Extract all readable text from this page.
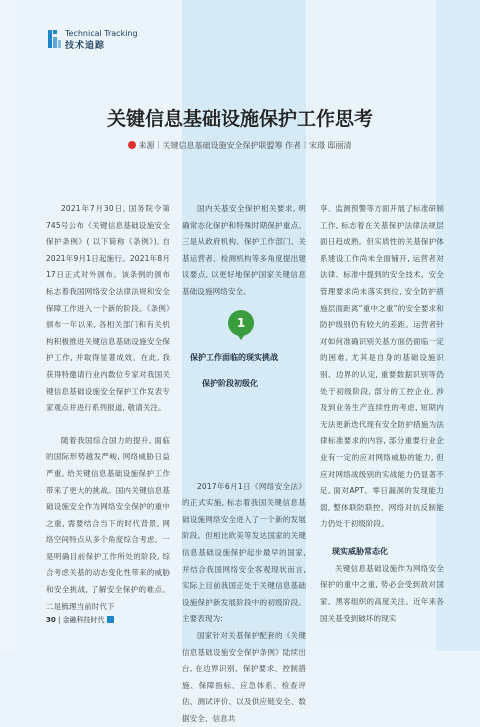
Technical Tracking
技术追踪
关键信息基础设施保护工作思考
来源｜关键信息基础设施安全保护联盟筹 作者｜宋璟 邸丽清

2021年7月30日, 国务院令第745号公布《关键信息基础设施安全保护条例》( 以下简称《条例》), 自2021年9月1日起施行。2021年8月17日正式对外颁布。该条例的颁布标志着我国网络安全法律法规和安全保障工作进入一个新的阶段。《条例》颁布一年以来, 各相关部门和有关机构积极推进关键信息基础设施安全保护工作, 并取得显著成效。在此, 我获得特邀请行业内数位专家对我国关键信息基础设施安全保护工作发表专家观点并进行系列报道, 敬请关注。

随着我国综合国力的提升, 面临的国际形势越发严峻, 网络威胁日益严重, 给关键信息基础设施保护工作带来了更大的挑战。国内关键信息基础设施安全作为网络安全保护的重中之重, 需要结合当下的时代背景, 网络空间特点从多个角度综合考虑。一是明确目前保护工作所处的阶段, 综合考虑关基的动态变化性带来的威胁和安全挑战, 了解安全保护的难点。二是梳理当前时代下

国内关基安全保护相关要求, 明确常态化保护和特殊时期保护重点。三是从政府机构、保护工作部门、关基运营者、检测机构等多角度提出建议要点, 以更好地保护国家关键信息基础设施网络安全。

2017年6月1日《网络安全法》的正式实施, 标志着我国关键信息基础设施网络安全进入了一个新的发展阶段。但相比欧美等发达国家的关键信息基础设施保护起步最早的国家, 并结合我国网络安全客观现状而言, 实际上目前我国正处于关键信息基础设施保护新发展阶段中的初级阶段。主要表现为:

国家针对关基保护配套的《关键信息基础设施安全保护条例》陆续出台, 在边界识别、保护要求、控制措施、保障指标、应急体系、检查评估、测试评价、以及供应链安全、数据安全、信息共

1
保护工作面临的现实挑战
保护阶段初级化

享、监测预警等方面开展了标准研制工作, 标志着在关基保护法律法规层面日趋成熟。但实质性的关基保护体系建设工作尚未全面铺开, 运营者对法律、标准中提到的安全技术、安全管理要求尚未落实到位, 安全防护措施层面距离“重中之重”的安全要求和防护级别仍有较大的差距。运营者针对如何准确识别关基方面仍面临一定的困难, 尤其是自身的基础设施识别、边界的认定, 重要数据识别等仍处于初级阶段, 部分的工控企业, 涉及到业务生产连续性的考虑, 短期内无法更新迭代现有安全防护措施为法律标准要求的内容, 部分重要行业企业有一定的应对网络威胁的能力, 但应对网络战级别的实战能力仍显著不足, 面对APT、零日漏洞的发现能力弱, 整体联防联控、网络对抗反制能力仍处于初级阶段。

关键信息基础设施作为网络安全保护的重中之重, 势必会受到敌对国家、黑客组织的高度关注。近年来各国关基受到破坏的现实

现实威胁常态化
30 | 金融科技时代
